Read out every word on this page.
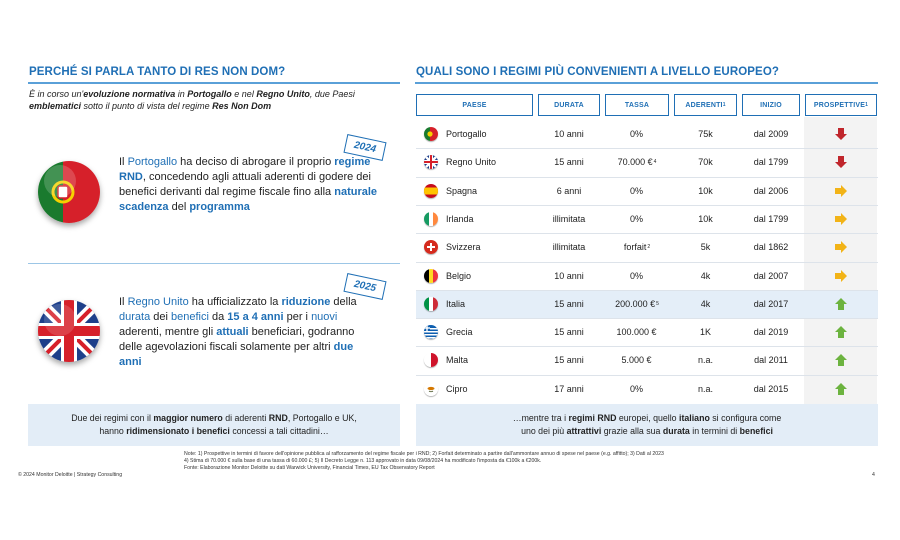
PERCHÉ SI PARLA TANTO DI RES NON DOM?
È in corso un'evoluzione normativa in Portogallo e nel Regno Unito, due Paesi
emblematici sotto il punto di vista del regime Res Non Dom
2024
Il Portogallo ha deciso di abrogare il proprio regime RND, concedendo agli attuali aderenti di godere dei benefici derivanti dal regime fiscale fino alla naturale scadenza del programma
2025
Il Regno Unito ha ufficializzato la riduzione della durata dei benefici da 15 a 4 anni per i nuovi aderenti, mentre gli attuali beneficiari, godranno delle agevolazioni fiscali solamente per altri due anni
Due dei regimi con il maggior numero di aderenti RND, Portogallo e UK,
hanno ridimensionato i benefici concessi a tali cittadini…
QUALI SONO I REGIMI PIÙ CONVENIENTI A LIVELLO EUROPEO?
PAESE	DURATA	TASSA	ADERENTI 1	INIZIO	PROSPETTIVE 1
Portogallo	10 anni	0%	75k	dal 2009
Regno Unito	15 anni	70.000 € 4	70k	dal 1799
Spagna	6 anni	0%	10k	dal 2006
Irlanda	illimitata	0%	10k	dal 1799
Svizzera	illimitata	forfait 2	5k	dal 1862
Belgio	10 anni	0%	4k	dal 2007
Italia	15 anni	200.000 € 5	4k	dal 2017
Grecia	15 anni	100.000 €	1K	dal 2019
Malta	15 anni	5.000 €	n.a.	dal 2011
Cipro	17 anni	0%	n.a.	dal 2015
…mentre tra i regimi RND europei, quello italiano si configura come
uno dei più attrattivi grazie alla sua durata in termini di benefici
Note: 1) Prospettive in termini di favore dell'opinione pubblica al rafforzamento del regime fiscale per i RND; 2) Forfait determinato a partire dall'ammontare annuo di spese nel paese (e.g. affitto); 3) Dati al 2023
4) Stima di 70.000 € sulla base di una tassa di 60.000 £; 5) Il Decreto Legge n. 113 approvato in data 09/08/2024 ha modificato l'imposta da €100k a €200k.
Fonte: Elaborazione Monitor Deloitte su dati Warwick University, Financial Times, EU Tax Observatory Report
© 2024 Monitor Deloitte | Strategy Consulting	4
